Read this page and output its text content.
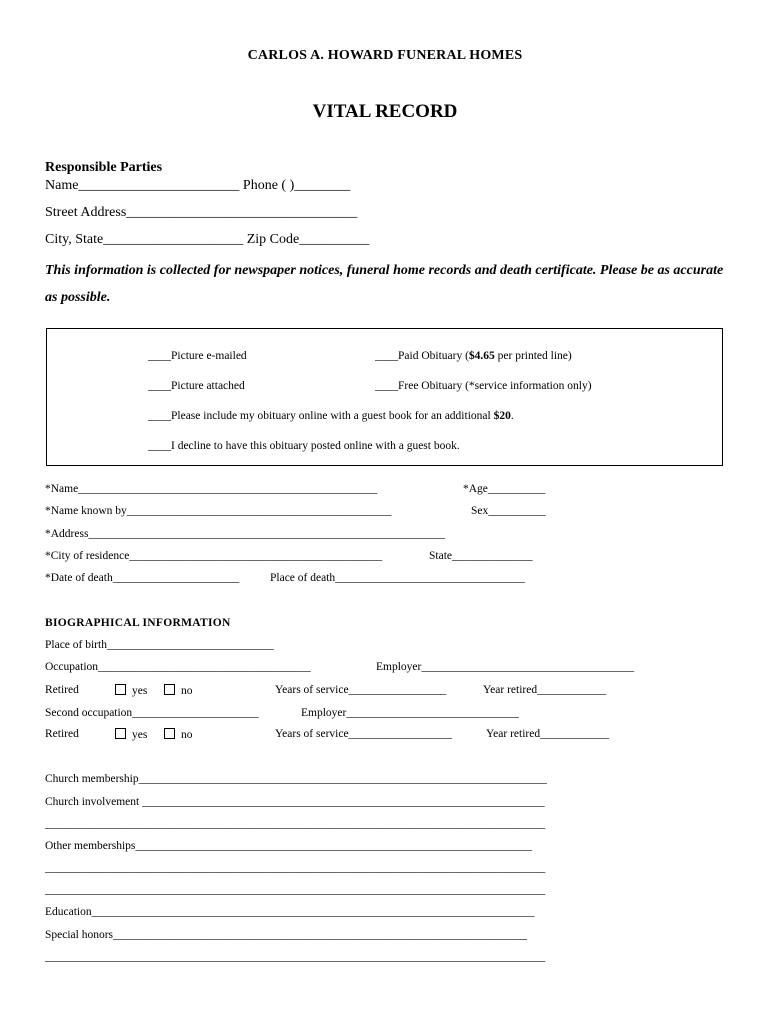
CARLOS A. HOWARD FUNERAL HOMES
VITAL RECORD
Responsible Parties
Name_______________________ Phone ( )________
Street Address_________________________________
City, State____________________ Zip Code__________
This information is collected for newspaper notices, funeral home records and death certificate. Please be as accurate as possible.
____Picture e-mailed	____Paid Obituary ($4.65 per printed line)
____Picture attached	____Free Obituary (*service information only)
____Please include my obituary online with a guest book for an additional $20.
____I decline to have this obituary posted online with a guest book.
*Name____________________________________________________	*Age__________
*Name known by______________________________________________	Sex__________
*Address______________________________________________________________
*City of residence____________________________________________	State______________
*Date of death______________________	Place of death_________________________________
BIOGRAPHICAL INFORMATION
Place of birth_____________________________
Occupation_____________________________________	Employer_____________________________________
Retired	yes	no	Years of service_________________	Year retired____________
Second occupation______________________	Employer______________________________
Retired	yes	no	Years of service__________________	Year retired____________
Church membership_______________________________________________________________________
Church involvement ______________________________________________________________________
_______________________________________________________________________________________
Other memberships_____________________________________________________________________
_______________________________________________________________________________________
_______________________________________________________________________________________
Education_____________________________________________________________________________
Special honors________________________________________________________________________
_______________________________________________________________________________________
